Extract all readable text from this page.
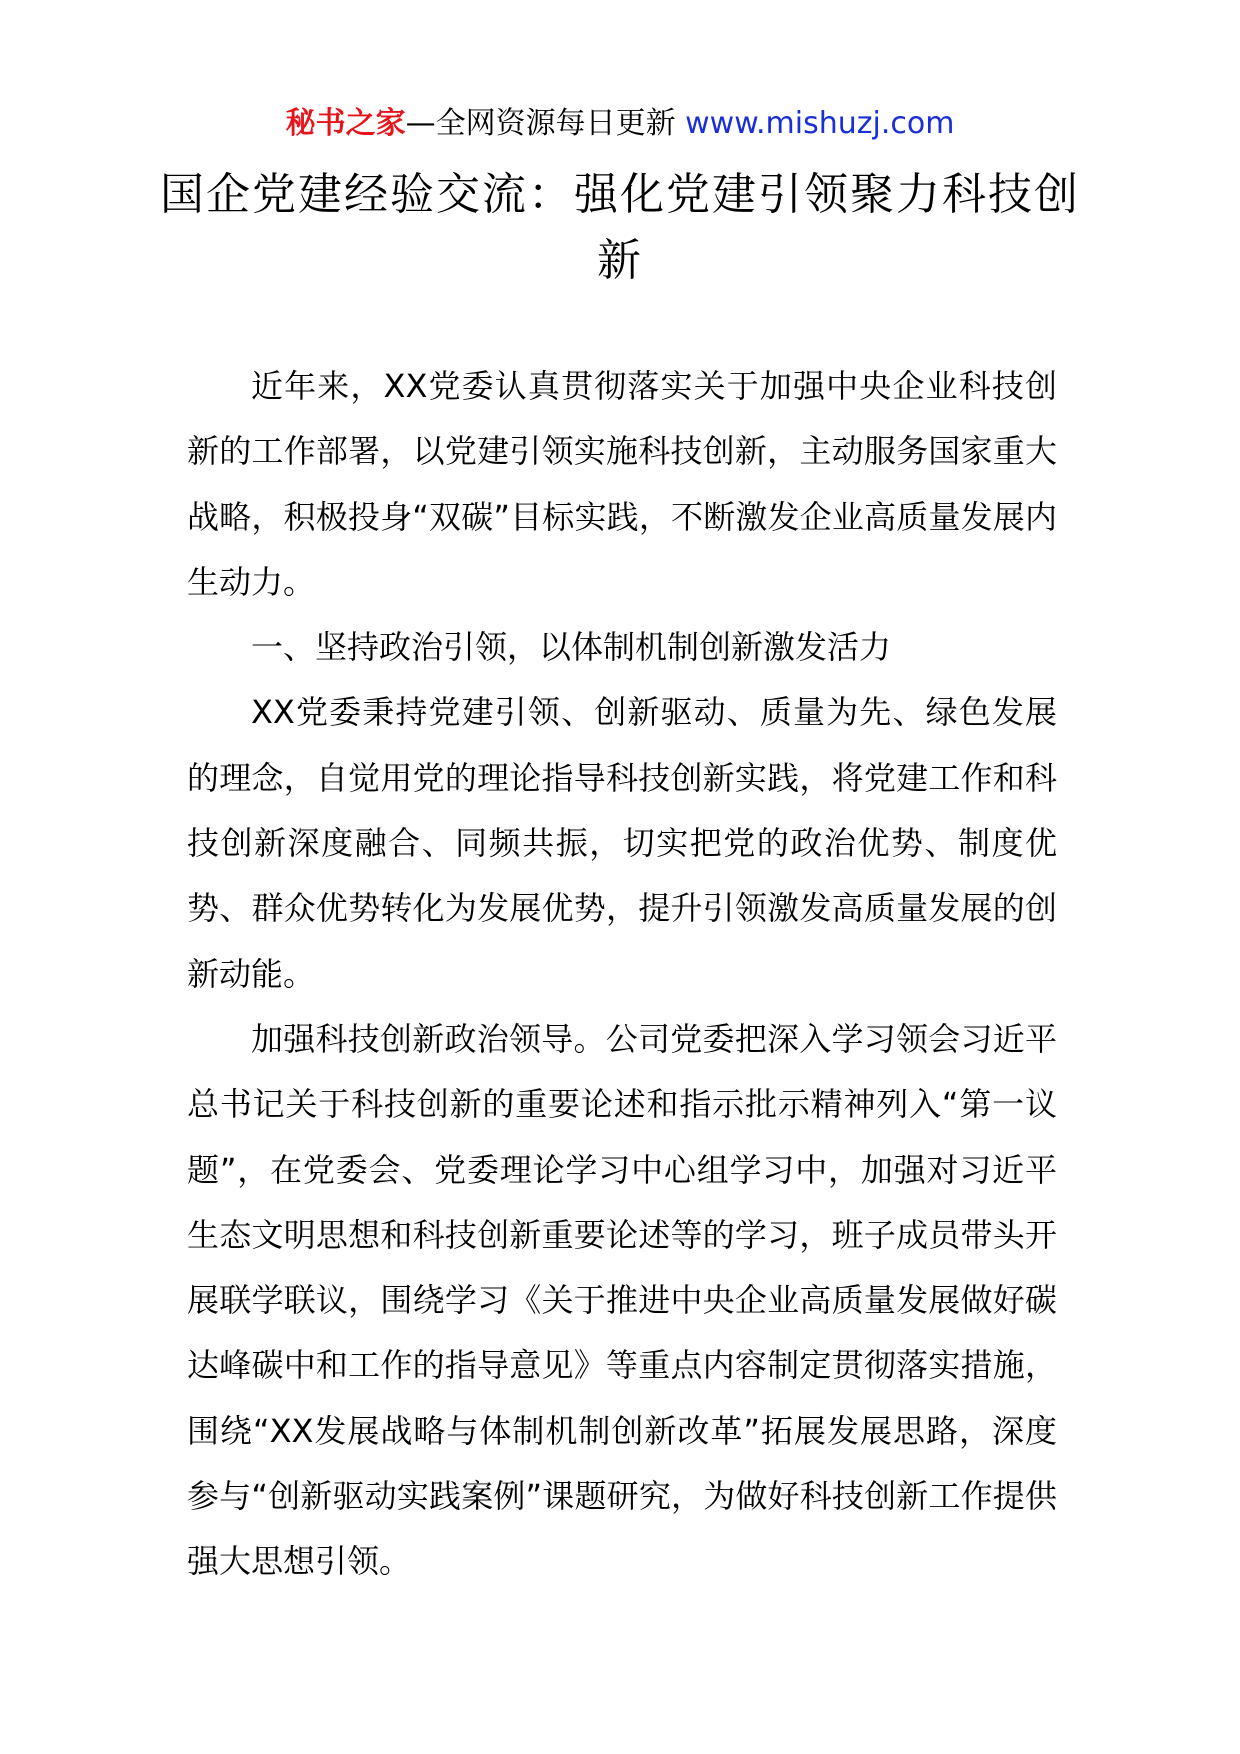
秘书之家—全网资源每日更新 www.mishuzj.com
国企党建经验交流：强化党建引领聚力科技创新

近年来，XX党委认真贯彻落实关于加强中央企业科技创新的工作部署，以党建引领实施科技创新，主动服务国家重大战略，积极投身“双碳”目标实践，不断激发企业高质量发展内生动力。

一、坚持政治引领，以体制机制创新激发活力

XX党委秉持党建引领、创新驱动、质量为先、绿色发展的理念，自觉用党的理论指导科技创新实践，将党建工作和科技创新深度融合、同频共振，切实把党的政治优势、制度优势、群众优势转化为发展优势，提升引领激发高质量发展的创新动能。

加强科技创新政治领导。公司党委把深入学习领会习近平总书记关于科技创新的重要论述和指示批示精神列入“第一议题”，在党委会、党委理论学习中心组学习中，加强对习近平生态文明思想和科技创新重要论述等的学习，班子成员带头开展联学联议，围绕学习《关于推进中央企业高质量发展做好碳达峰碳中和工作的指导意见》等重点内容制定贯彻落实措施，围绕“XX发展战略与体制机制创新改革”拓展发展思路，深度参与“创新驱动实践案例”课题研究，为做好科技创新工作提供强大思想引领。
